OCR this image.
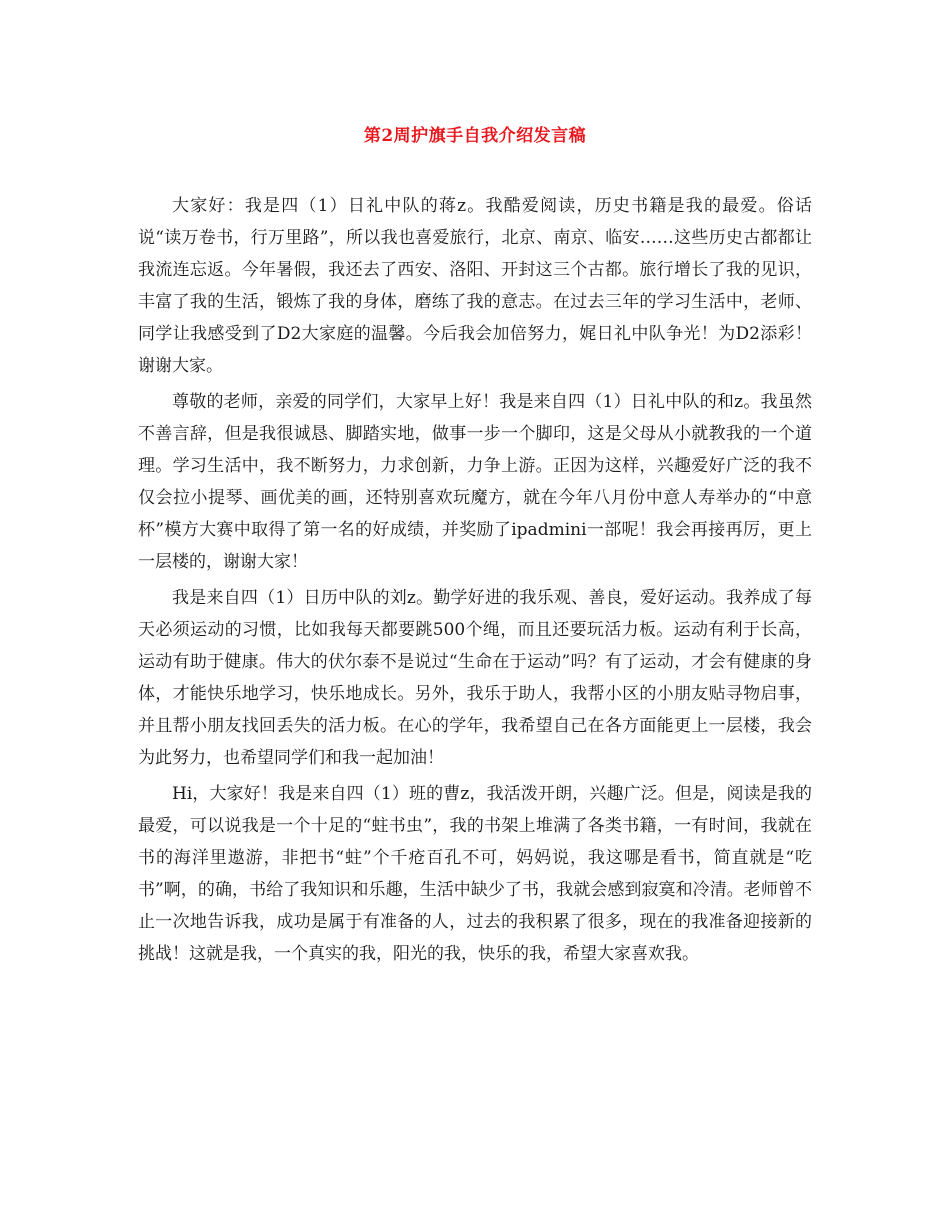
第2周护旗手自我介绍发言稿

大家好：我是四（1）日礼中队的蒋z。我酷爱阅读，历史书籍是我的最爱。俗话说“读万卷书，行万里路”，所以我也喜爱旅行，北京、南京、临安……这些历史古都都让我流连忘返。今年暑假，我还去了西安、洛阳、开封这三个古都。旅行增长了我的见识，丰富了我的生活，锻炼了我的身体，磨练了我的意志。在过去三年的学习生活中，老师、同学让我感受到了D2大家庭的温馨。今后我会加倍努力，娓日礼中队争光！为D2添彩！谢谢大家。

尊敬的老师，亲爱的同学们，大家早上好！我是来自四（1）日礼中队的和z。我虽然不善言辞，但是我很诚恳、脚踏实地，做事一步一个脚印，这是父母从小就教我的一个道理。学习生活中，我不断努力，力求创新，力争上游。正因为这样，兴趣爱好广泛的我不仅会拉小提琴、画优美的画，还特别喜欢玩魔方，就在今年八月份中意人寿举办的“中意杯”模方大赛中取得了第一名的好成绩，并奖励了ipadmini一部呢！我会再接再厉，更上一层楼的，谢谢大家！

我是来自四（1）日历中队的刘z。勤学好进的我乐观、善良，爱好运动。我养成了每天必须运动的习惯，比如我每天都要跳500个绳，而且还要玩活力板。运动有利于长高，运动有助于健康。伟大的伏尔泰不是说过“生命在于运动”吗？有了运动，才会有健康的身体，才能快乐地学习，快乐地成长。另外，我乐于助人，我帮小区的小朋友贴寻物启事，并且帮小朋友找回丢失的活力板。在心的学年，我希望自己在各方面能更上一层楼，我会为此努力，也希望同学们和我一起加油！

Hi，大家好！我是来自四（1）班的曹z，我活泼开朗，兴趣广泛。但是，阅读是我的最爱，可以说我是一个十足的“蛀书虫”，我的书架上堆满了各类书籍，一有时间，我就在书的海洋里遨游，非把书“蛀”个千疮百孔不可，妈妈说，我这哪是看书，简直就是“吃书”啊，的确，书给了我知识和乐趣，生活中缺少了书，我就会感到寂寞和冷清。老师曾不止一次地告诉我，成功是属于有准备的人，过去的我积累了很多，现在的我准备迎接新的挑战！这就是我，一个真实的我，阳光的我，快乐的我，希望大家喜欢我。
